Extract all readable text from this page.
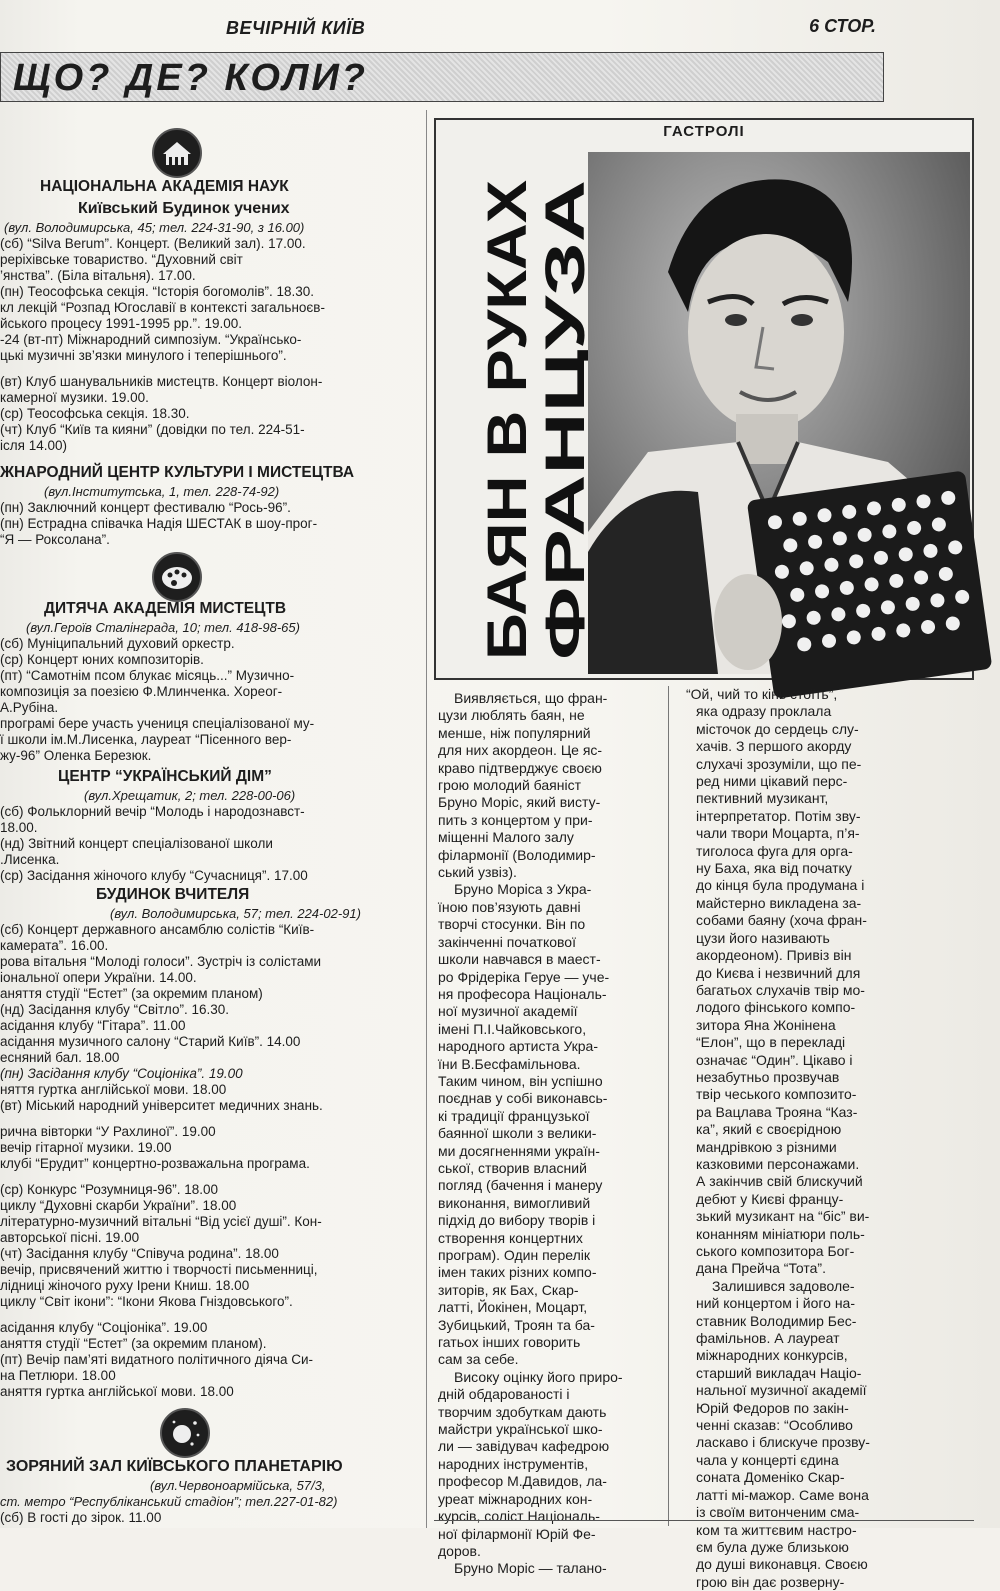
ВЕЧІРНІЙ КИЇВ	6 СТОР.
ЩО? ДЕ? КОЛИ?
НАЦІОНАЛЬНА АКАДЕМІЯ НАУК
Київський Будинок учених
(вул. Володимирська, 45; тел. 224-31-90, з 16.00)
(сб) “Silva Berum”. Концерт. (Великий зал). 17.00.
реріхівське товариство. “Духовний світ
’янства”. (Біла вітальня). 17.00.
(пн) Теософська секція. “Історія богомолів”. 18.30.
кл лекцій “Розпад Югославії в контексті загальноєв-
йського процесу 1991-1995 рр.”. 19.00.
-24 (вт-пт) Міжнародний симпозіум. “Українсько-
цькі музичні зв’язки минулого і теперішнього”.
(вт) Клуб шанувальників мистецтв. Концерт віолон-
камерної музики. 19.00.
(ср) Теософська секція. 18.30.
(чт) Клуб “Київ та кияни” (довідки по тел. 224-51-
ісля 14.00)
ЖНАРОДНИЙ ЦЕНТР КУЛЬТУРИ І МИСТЕЦТВА
(вул.Інститутська, 1, тел. 228-74-92)
(пн) Заключний концерт фестивалю “Рось-96”.
(пн) Естрадна співачка Надія ШЕСТАК в шоу-прог-
“Я — Роксолана”.
ДИТЯЧА АКАДЕМІЯ МИСТЕЦТВ
(вул.Героїв Сталінграда, 10; тел. 418-98-65)
(сб) Муніципальний духовий оркестр.
(ср) Концерт юних композиторів.
(пт) “Самотнім псом блукає місяць...” Музично-
композиція за поезією Ф.Млинченка. Хореог-
А.Рубіна.
програмі бере участь учениця спеціалізованої му-
ї школи ім.М.Лисенка, лауреат “Пісенного вер-
жу-96” Оленка Березюк.
ЦЕНТР “УКРАЇНСЬКИЙ ДІМ”
(вул.Хрещатик, 2; тел. 228-00-06)
(сб) Фольклорний вечір “Молодь і народознавст-
18.00.
(нд) Звітний концерт спеціалізованої школи
.Лисенка.
(ср) Засідання жіночого клубу “Сучасниця”. 17.00
БУДИНОК ВЧИТЕЛЯ
(вул. Володимирська, 57; тел. 224-02-91)
(сб) Концерт державного ансамблю солістів “Київ-
камерата”. 16.00.
рова вітальня “Молоді голоси”. Зустріч із солістами
іональної опери України. 14.00.
аняття студії “Естет” (за окремим планом)
(нд) Засідання клубу “Світло”. 16.30.
асідання клубу “Гітара”. 11.00
асідання музичного салону “Старий Київ”. 14.00
есняний бал. 18.00
(пн) Засідання клубу “Соціоніка”. 19.00
няття гуртка англійської мови. 18.00
(вт) Міський народний університет медичних знань.
рична вівторки “У Рахлиної”. 19.00
вечір гітарної музики. 19.00
клубі “Ерудит” концертно-розважальна програма.
(ср) Конкурс “Розумниця-96”. 18.00
циклу “Духовні скарби України”. 18.00
літературно-музичний вітальні “Від усієї душі”. Кон-
авторської пісні. 19.00
(чт) Засідання клубу “Співуча родина”. 18.00
вечір, присвячений життю і творчості письменниці,
лідниці жіночого руху Ірени Книш. 18.00
циклу “Світ ікони”: “Ікони Якова Гніздовського”.
асідання клубу “Соціоніка”. 19.00
аняття студії “Естет” (за окремим планом).
(пт) Вечір пам’яті видатного політичного діяча Си-
на Петлюри. 18.00
аняття гуртка англійської мови. 18.00
ЗОРЯНИЙ ЗАЛ КИЇВСЬКОГО ПЛАНЕТАРІЮ
(вул.Червоноармійська, 57/3,
ст. метро “Республіканський стадіон”; тел.227-01-82)
(сб) В гості до зірок. 11.00
ГАСТРОЛІ
БАЯН В РУКАХ
ФРАНЦУЗА
Виявляється, що фран-
цузи люблять баян, не
менше, ніж популярний
для них акордеон. Це яс-
краво підтверджує своєю
грою молодий баяніст
Бруно Моріс, який висту-
пить з концертом у при-
міщенні Малого залу
філармонії (Володимир-
ський узвіз).
Бруно Моріса з Укра-
їною пов’язують давні
творчі стосунки. Він по
закінченні початкової
школи навчався в маест-
ро Фрідеріка Геруе — уче-
ня професора Національ-
ної музичної академії
імені П.І.Чайковського,
народного артиста Укра-
їни В.Бесфамільнова.
Таким чином, він успішно
поєднав у собі виконавсь-
кі традиції французької
баянної школи з велики-
ми досягненнями україн-
ської, створив власний
погляд (бачення і манеру
виконання, вимогливий
підхід до вибору творів і
створення концертних
програм). Один перелік
імен таких різних компо-
зиторів, як Бах, Скар-
латті, Йокінен, Моцарт,
Зубицький, Троян та ба-
гатьох інших говорить
сам за себе.
Високу оцінку його приро-
дній обдарованості і
творчим здобуткам дають
майстри української шко-
ли — завідувач кафедрою
народних інструментів,
професор М.Давидов, ла-
уреат міжнародних кон-
курсів, соліст Національ-
ної філармонії Юрій Фе-
доров.
Бруно Моріс — талано-
“Ой, чий то кінь стоїть”,
яка одразу проклала
місточок до сердець слу-
хачів. З першого акорду
слухачі зрозуміли, що пе-
ред ними цікавий перс-
пективний музикант,
інтерпретатор. Потім зву-
чали твори Моцарта, п’я-
тиголоса фуга для орга-
ну Баха, яка від початку
до кінця була продумана і
майстерно викладена за-
собами баяну (хоча фран-
цузи його називають
акордеоном). Привіз він
до Києва і незвичний для
багатьох слухачів твір мо-
лодого фінського компо-
зитора Яна Жонінена
“Елон”, що в перекладі
означає “Один”. Цікаво і
незабутньо прозвучав
твір чеського композито-
ра Вацлава Трояна “Каз-
ка”, який є своєрідною
мандрівкою з різними
казковими персонажами.
А закінчив свій блискучий
дебют у Києві францу-
зький музикант на “біс” ви-
конанням мініатюри поль-
ського композитора Бог-
дана Прейча “Тота”.
Залишився задоволе-
ний концертом і його на-
ставник Володимир Бес-
фамільнов. А лауреат
міжнародних конкурсів,
старший викладач Націо-
нальної музичної академії
Юрій Федоров по закін-
ченні сказав: “Особливо
ласкаво і блискуче прозву-
чала у концерті єдина
соната Доменіко Скар-
латті мі-мажор. Саме вона
із своїм витонченим сма-
ком та життєвим настро-
єм була дуже близькою
до душі виконавця. Своєю
грою він дає розверну-
